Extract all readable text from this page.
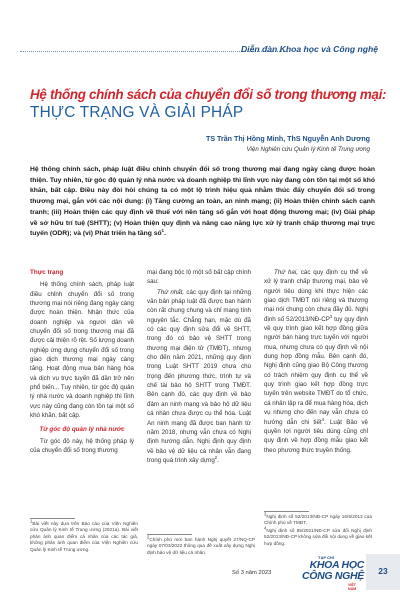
Diễn đàn Khoa học và Công nghệ
Hệ thống chính sách của chuyển đổi số trong thương mại:
THỰC TRẠNG VÀ GIẢI PHÁP
TS Trần Thị Hồng Minh, ThS Nguyễn Anh Dương
Viện Nghiên cứu Quản lý Kinh tế Trung ương

Hệ thống chính sách, pháp luật điều chỉnh chuyển đổi số trong thương mại đang ngày càng được hoàn thiện. Tuy nhiên, từ góc độ quản lý nhà nước và doanh nghiệp thì lĩnh vực này đang còn tồn tại một số khó khăn, bất cập. Điều này đòi hỏi chúng ta có một lộ trình hiệu quả nhằm thúc đẩy chuyển đổi số trong thương mại, gắn với các nội dung: (i) Tăng cường an toàn, an ninh mạng; (ii) Hoàn thiện chính sách cạnh tranh; (iii) Hoàn thiện các quy định về thuế với nền tảng số gắn với hoạt động thương mại; (iv) Giải pháp về sở hữu trí tuệ (SHTT); (v) Hoàn thiện quy định và nâng cao năng lực xử lý tranh chấp thương mại trực tuyến (ODR); và (vi) Phát triển hạ tầng số$^1$.

Thực trạng

Hệ thống chính sách, pháp luật điều chỉnh chuyển đổi số trong thương mại nói riêng đang ngày càng được hoàn thiện. Nhận thức của doanh nghiệp và người dân về chuyển đổi số trong thương mại đã được cải thiện rõ rệt. Số lượng doanh nghiệp ứng dụng chuyển đổi số trong giao dịch thương mại ngày càng tăng. Hoạt động mua bán hàng hóa và dịch vụ trực tuyến đã dần trở nên phổ biến... Tuy nhiên, từ góc độ quản lý nhà nước và doanh nghiệp thì lĩnh vực này cũng đang còn tồn tại một số khó khăn, bất cập.

Từ góc độ quản lý nhà nước

Từ góc độ này, hệ thống pháp lý của chuyển đổi số trong thương

mại đang bộc lộ một số bất cập chính sau:

Thứ nhất, các quy định tại những văn bản pháp luật đã được ban hành còn rất chung chung và chỉ mang tính nguyên tắc. Chẳng hạn, mặc dù đã có các quy định sửa đổi về SHTT, trong đó có bảo vệ SHTT trong thương mại điện tử (TMĐT), nhưng cho đến năm 2021, những quy định trong Luật SHTT 2019 chưa chú trọng đến phương thức, trình tự và chế tài bảo hộ SHTT trong TMĐT. Bên cạnh đó, các quy định về bảo đảm an ninh mạng và bảo hộ dữ liệu cá nhân chưa được cụ thể hóa. Luật An ninh mạng đã được ban hành từ năm 2018, nhưng vẫn chưa có Nghị định hướng dẫn. Nghị định quy định về bảo vệ dữ liệu cá nhân vẫn đang trong quá trình xây dựng$^2$.

Thứ hai, các quy định cụ thể về xử lý tranh chấp thương mại, bảo vệ người tiêu dùng khi thực hiện các giao dịch TMĐT nói riêng và thương mại nói chung còn chưa đầy đủ. Nghị định số $52/2013/NĐ-CP^3$ tuy quy định về quy trình giao kết hợp đồng giữa người bán hàng trực tuyến với người mua, nhưng chưa có quy định về nội dung hợp đồng mẫu. Bên cạnh đó, Nghị định cũng giao Bộ Công thương có trách nhiệm quy định cụ thể về quy trình giao kết hợp đồng trực tuyến trên website TMĐT do tổ chức, cá nhân lập ra để mua hàng hóa, dịch vụ nhưng cho đến nay vẫn chưa có hướng dẫn chi tiết$^4$. Luật Bảo vệ quyền lợi người tiêu dùng cũng chỉ quy định về hợp đồng mẫu giao kết theo phương thức truyền thống.

1Bài viết này dựa trên Báo cáo của Viện Nghiên cứu Quản lý Kinh tế Trung ương (2021a). Bài viết phản ánh quan điểm cá nhân của các tác giả, không phản ánh quan điểm của Viện Nghiên cứu Quản lý Kinh tế Trung ương.
2Chính phủ mới ban hành Nghị quyết 27/NQ-CP ngày 07/03/2022 thông qua đề xuất xây dựng Nghị định bảo vệ dữ liệu cá nhân.
3Nghị định số 52/2013/NĐ-CP ngày 16/5/2013 của Chính phủ về TMĐT.
4Nghị định số 85/2021/NĐ-CP sửa đổi Nghị định 52/2013/NĐ-CP không sửa đổi nội dung về giao kết hợp đồng.
Số 3 năm 2023
TẠP CHÍ
KHOA HỌC
CÔNG NGHỆ
VIỆT NAM
23
